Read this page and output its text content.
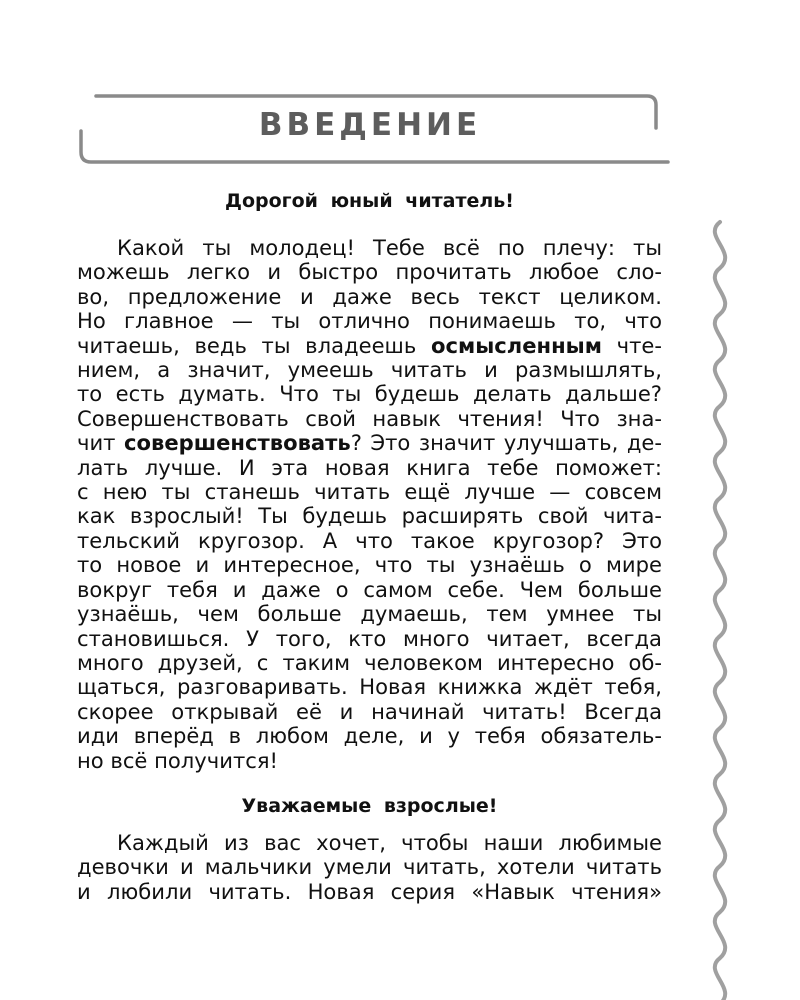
ВВЕДЕНИЕ

Дорогой юный читатель!

Какой ты молодец! Тебе всё по плечу: ты
можешь легко и быстро прочитать любое сло-
во, предложение и даже весь текст целиком.
Но главное — ты отлично понимаешь то, что
читаешь, ведь ты владеешь осмысленным чте-
нием, а значит, умеешь читать и размышлять,
то есть думать. Что ты будешь делать дальше?
Совершенствовать свой навык чтения! Что зна-
чит совершенствовать? Это значит улучшать, де-
лать лучше. И эта новая книга тебе поможет:
с нею ты станешь читать ещё лучше — совсем
как взрослый! Ты будешь расширять свой чита-
тельский кругозор. А что такое кругозор? Это
то новое и интересное, что ты узнаёшь о мире
вокруг тебя и даже о самом себе. Чем больше
узнаёшь, чем больше думаешь, тем умнее ты
становишься. У того, кто много читает, всегда
много друзей, с таким человеком интересно об-
щаться, разговаривать. Новая книжка ждёт тебя,
скорее открывай её и начинай читать! Всегда
иди вперёд в любом деле, и у тебя обязатель-
но всё получится!

Уважаемые взрослые!

Каждый из вас хочет, чтобы наши любимые
девочки и мальчики умели читать, хотели читать
и любили читать. Новая серия «Навык чтения»
